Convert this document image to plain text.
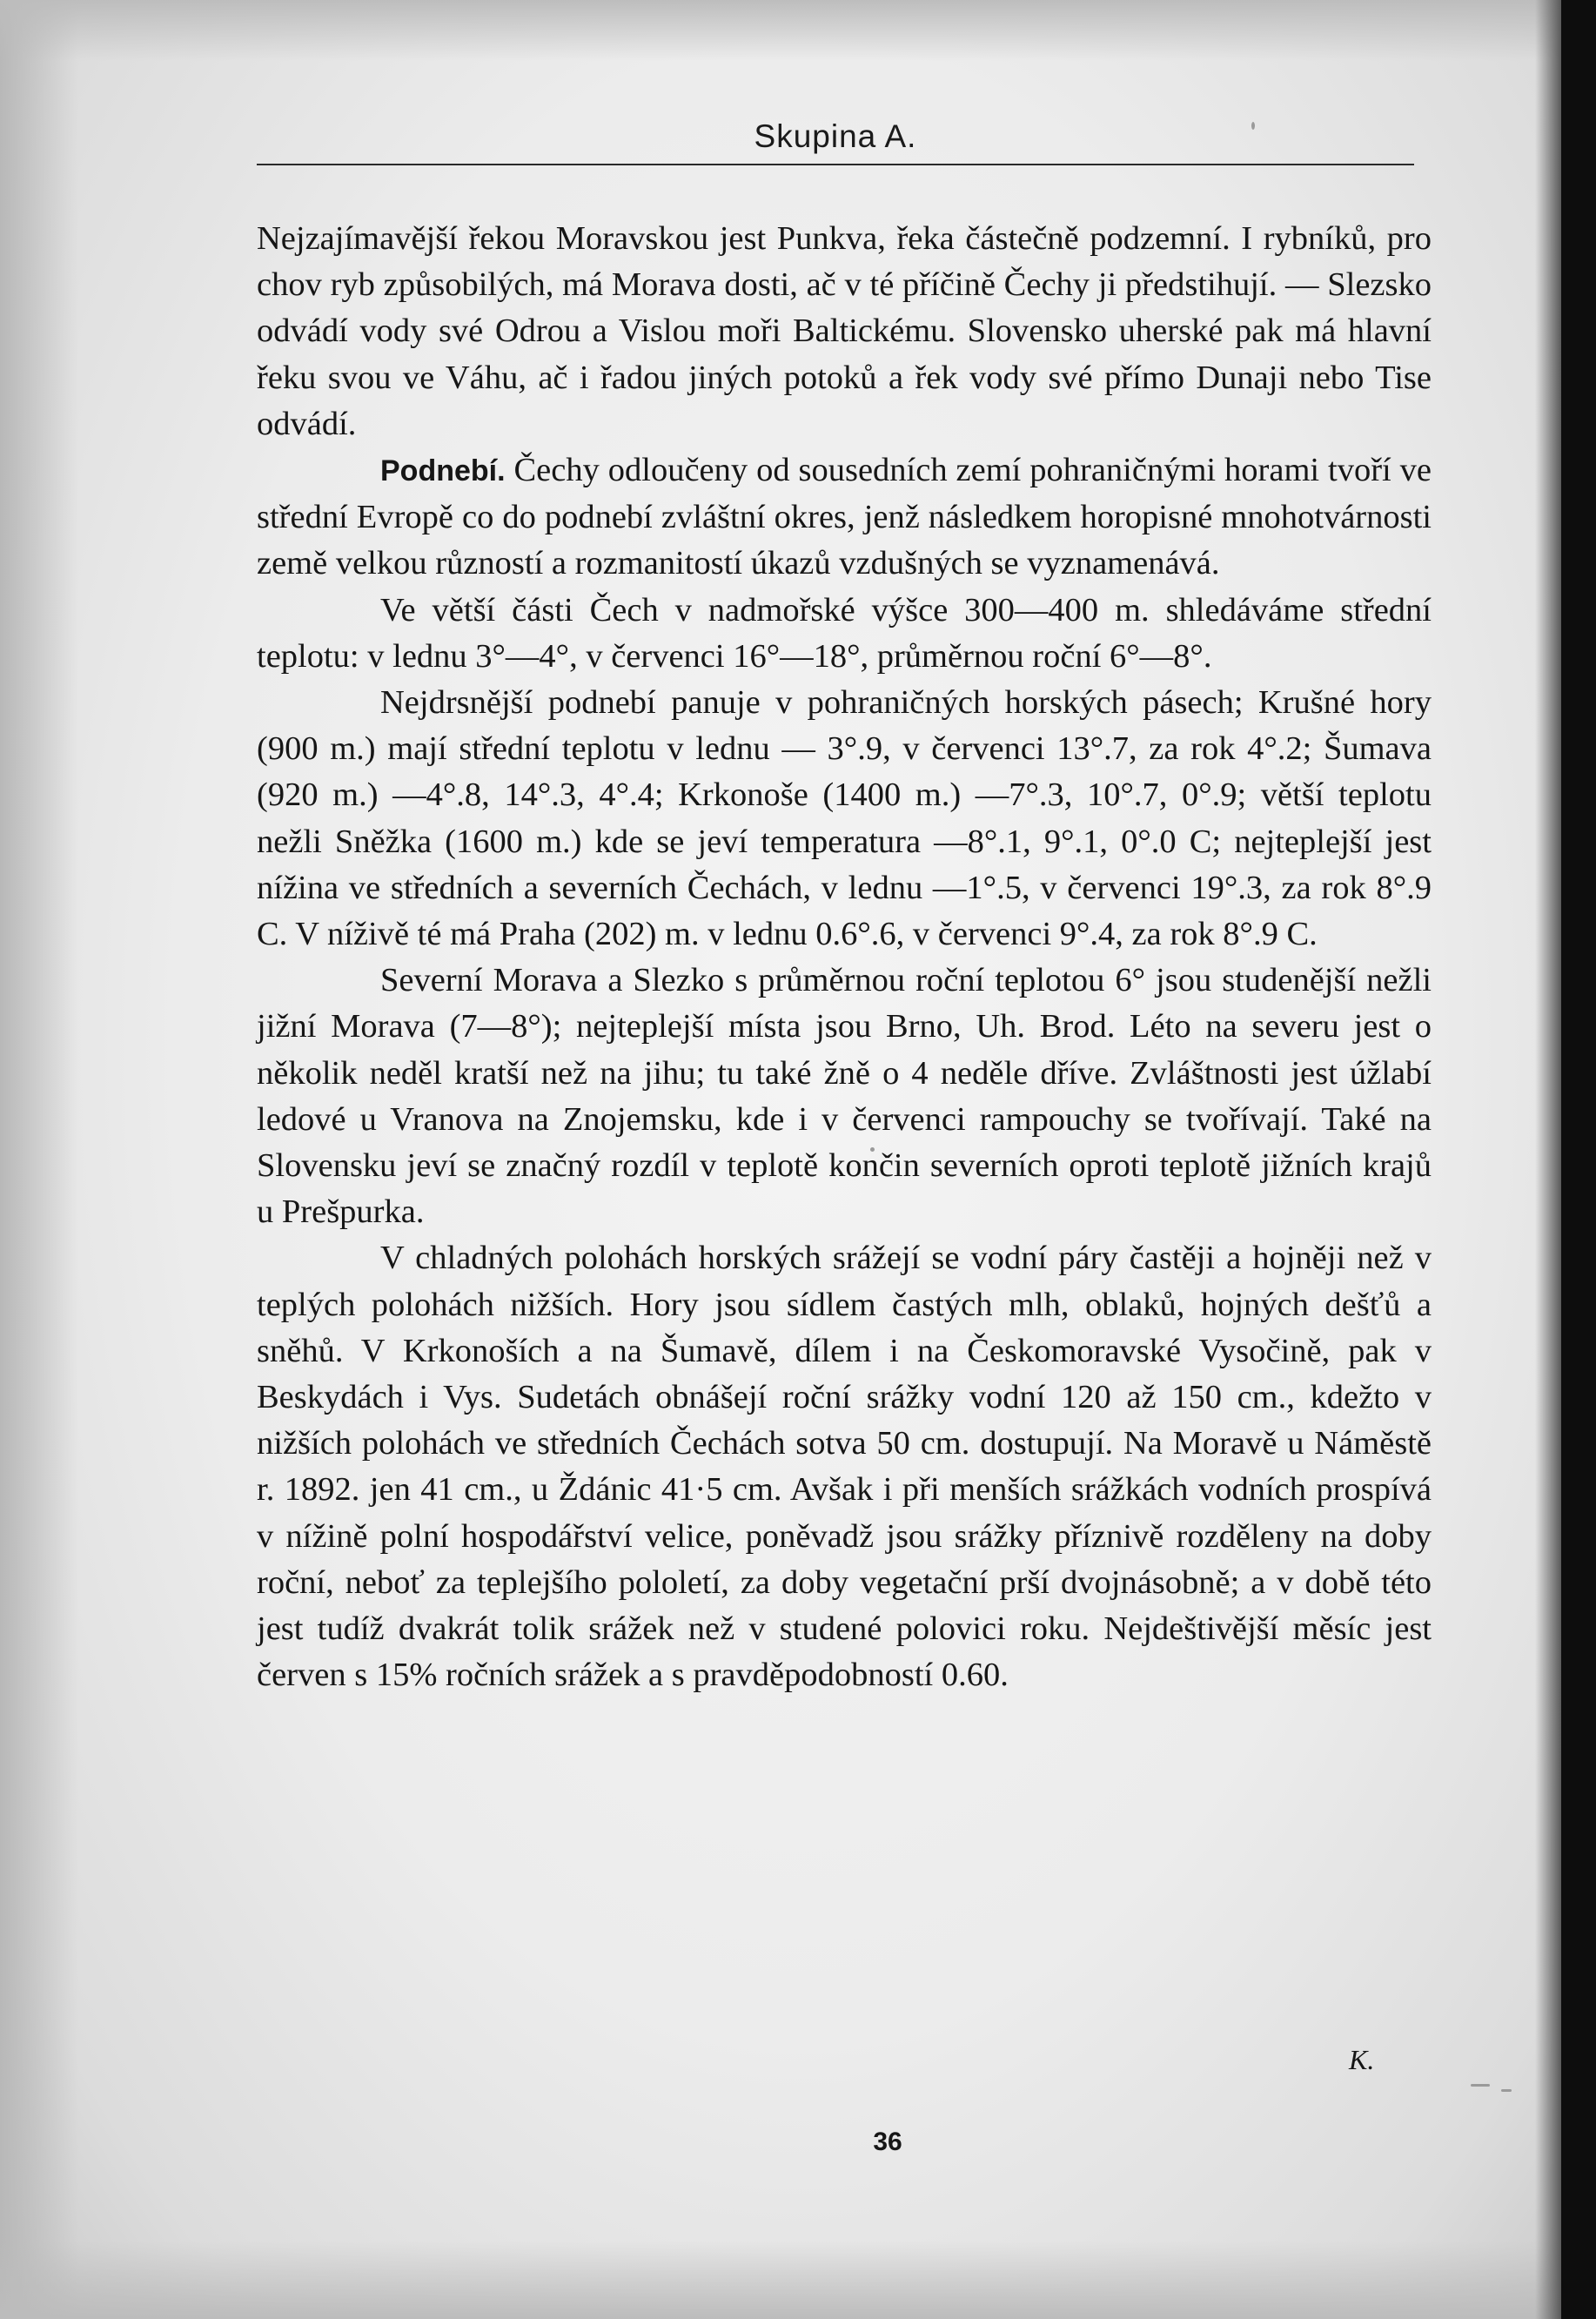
Skupina A.

Nejzajímavější řekou Moravskou jest Punkva, řeka částečně podzemní. I rybníků, pro chov ryb způsobilých, má Morava dosti, ač v té příčině Čechy ji předstihují. — Slezsko odvádí vody své Odrou a Vislou moři Baltickému. Slovensko uherské pak má hlavní řeku svou ve Váhu, ač i řadou jiných potoků a řek vody své přímo Dunaji nebo Tise odvádí.

Podnebí. Čechy odloučeny od sousedních zemí pohraničnými horami tvoří ve střední Evropě co do podnebí zvláštní okres, jenž následkem horopisné mnohotvárnosti země velkou růzností a rozmanitostí úkazů vzdušných se vyznamenává.

Ve větší části Čech v nadmořské výšce 300—400 m. shledáváme střední teplotu: v lednu 3°—4°, v červenci 16°—18°, průměrnou roční 6°—8°.

Nejdrsnější podnebí panuje v pohraničných horských pásech; Krušné hory (900 m.) mají střední teplotu v lednu — 3°.9, v červenci 13°.7, za rok 4°.2; Šumava (920 m.) —4°.8, 14°.3, 4°.4; Krkonoše (1400 m.) —7°.3, 10°.7, 0°.9; větší teplotu nežli Sněžka (1600 m.) kde se jeví temperatura —8°.1, 9°.1, 0°.0 C; nejteplejší jest nížina ve středních a severních Čechách, v lednu —1°.5, v červenci 19°.3, za rok 8°.9 C. V níživě té má Praha (202) m. v lednu 0.6°.6, v červenci 9°.4, za rok 8°.9 C.

Severní Morava a Slezko s průměrnou roční teplotou 6° jsou studenější nežli jižní Morava (7—8°); nejteplejší místa jsou Brno, Uh. Brod. Léto na severu jest o několik neděl kratší než na jihu; tu také žně o 4 neděle dříve. Zvláštnosti jest úžlabí ledové u Vranova na Znojemsku, kde i v červenci rampouchy se tvořívají. Také na Slovensku jeví se značný rozdíl v teplotě končin severních oproti teplotě jižních krajů u Prešpurka.

V chladných polohách horských srážejí se vodní páry častěji a hojněji než v teplých polohách nižších. Hory jsou sídlem častých mlh, oblaků, hojných dešťů a sněhů. V Krkonoších a na Šumavě, dílem i na Českomoravské Vysočině, pak v Beskydách i Vys. Sudetách obnášejí roční srážky vodní 120 až 150 cm., kdežto v nižších polohách ve středních Čechách sotva 50 cm. dostupují. Na Moravě u Náměstě r. 1892. jen 41 cm., u Ždánic 41·5 cm. Avšak i při menších srážkách vodních prospívá v nížině polní hospodářství velice, poněvadž jsou srážky příznivě rozděleny na doby roční, neboť za teplejšího pololetí, za doby vegetační prší dvojnásobně; a v době této jest tudíž dvakrát tolik srážek než v studené polovici roku. Nejdeštivější měsíc jest červen s 15% ročních srážek a s pravděpodobností 0.60.

K.
36
